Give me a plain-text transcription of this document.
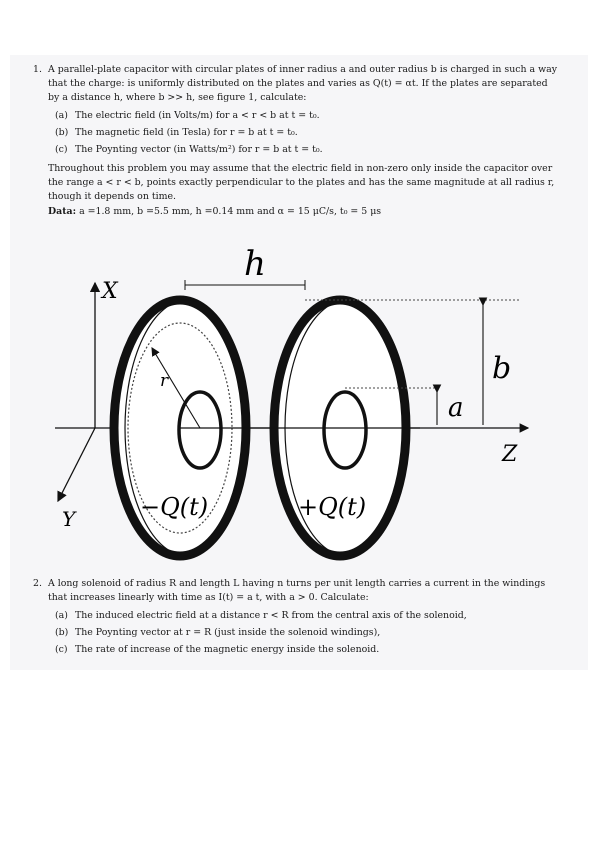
1. A parallel-plate capacitor with circular plates of inner radius a and outer radius b is charged in such a way that the charge: is uniformly distributed on the plates and varies as Q(t) = αt. If the plates are separated by a distance h, where b >> h, see figure 1, calculate:
(a) The electric field (in Volts/m) for a < r < b at t = t₀.
(b) The magnetic field (in Tesla) for r = b at t = t₀.
(c) The Poynting vector (in Watts/m²) for r = b at t = t₀.
Throughout this problem you may assume that the electric field in non-zero only inside the capacitor over the range a < r < b, points exactly perpendicular to the plates and has the same magnitude at all radius r, though it depends on time.
Data: a =1.8 mm, b =5.5 mm, h =0.14 mm and α = 15 μC/s, t₀ = 5 μs
X
Y
Z
h
r
−Q(t)	+Q(t)
b
a
2. A long solenoid of radius R and length L having n turns per unit length carries a current in the windings that increases linearly with time as I(t) = a t, with a > 0. Calculate:
(a) The induced electric field at a distance r < R from the central axis of the solenoid,
(b) The Poynting vector at r = R (just inside the solenoid windings),
(c) The rate of increase of the magnetic energy inside the solenoid.
